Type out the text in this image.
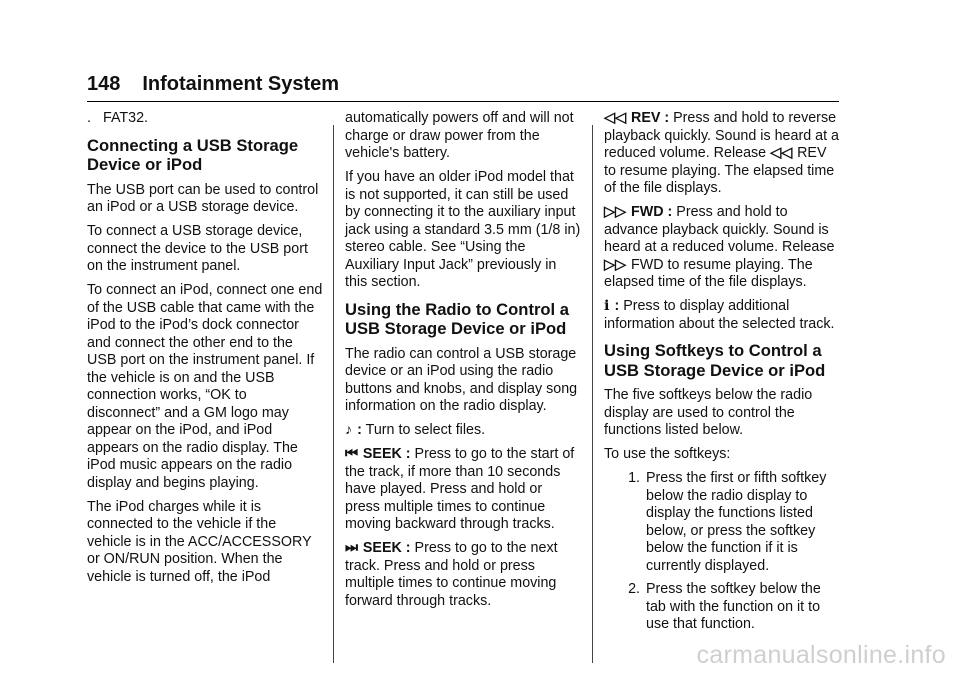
148 Infotainment System

. FAT32.

Connecting a USB Storage Device or iPod

The USB port can be used to control an iPod or a USB storage device.

To connect a USB storage device, connect the device to the USB port on the instrument panel.

To connect an iPod, connect one end of the USB cable that came with the iPod to the iPod’s dock connector and connect the other end to the USB port on the instrument panel. If the vehicle is on and the USB connection works, “OK to disconnect” and a GM logo may appear on the iPod, and iPod appears on the radio display. The iPod music appears on the radio display and begins playing.

The iPod charges while it is connected to the vehicle if the vehicle is in the ACC/ACCESSORY or ON/RUN position. When the vehicle is turned off, the iPod

automatically powers off and will not charge or draw power from the vehicle's battery.

If you have an older iPod model that is not supported, it can still be used by connecting it to the auxiliary input jack using a standard 3.5 mm (1/8 in) stereo cable. See “Using the Auxiliary Input Jack” previously in this section.

Using the Radio to Control a USB Storage Device or iPod

The radio can control a USB storage device or an iPod using the radio buttons and knobs, and display song information on the radio display.

♪ : Turn to select files.

⏮ SEEK : Press to go to the start of the track, if more than 10 seconds have played. Press and hold or press multiple times to continue moving backward through tracks.

⏭ SEEK : Press to go to the next track. Press and hold or press multiple times to continue moving forward through tracks.

◁◁ REV : Press and hold to reverse playback quickly. Sound is heard at a reduced volume. Release ◁◁ REV to resume playing. The elapsed time of the file displays.

▷▷ FWD : Press and hold to advance playback quickly. Sound is heard at a reduced volume. Release ▷▷ FWD to resume playing. The elapsed time of the file displays.

i : Press to display additional information about the selected track.

Using Softkeys to Control a USB Storage Device or iPod

The five softkeys below the radio display are used to control the functions listed below.

To use the softkeys:

1. Press the first or fifth softkey below the radio display to display the functions listed below, or press the softkey below the function if it is currently displayed.
2. Press the softkey below the tab with the function on it to use that function.
carmanualsonline.info
